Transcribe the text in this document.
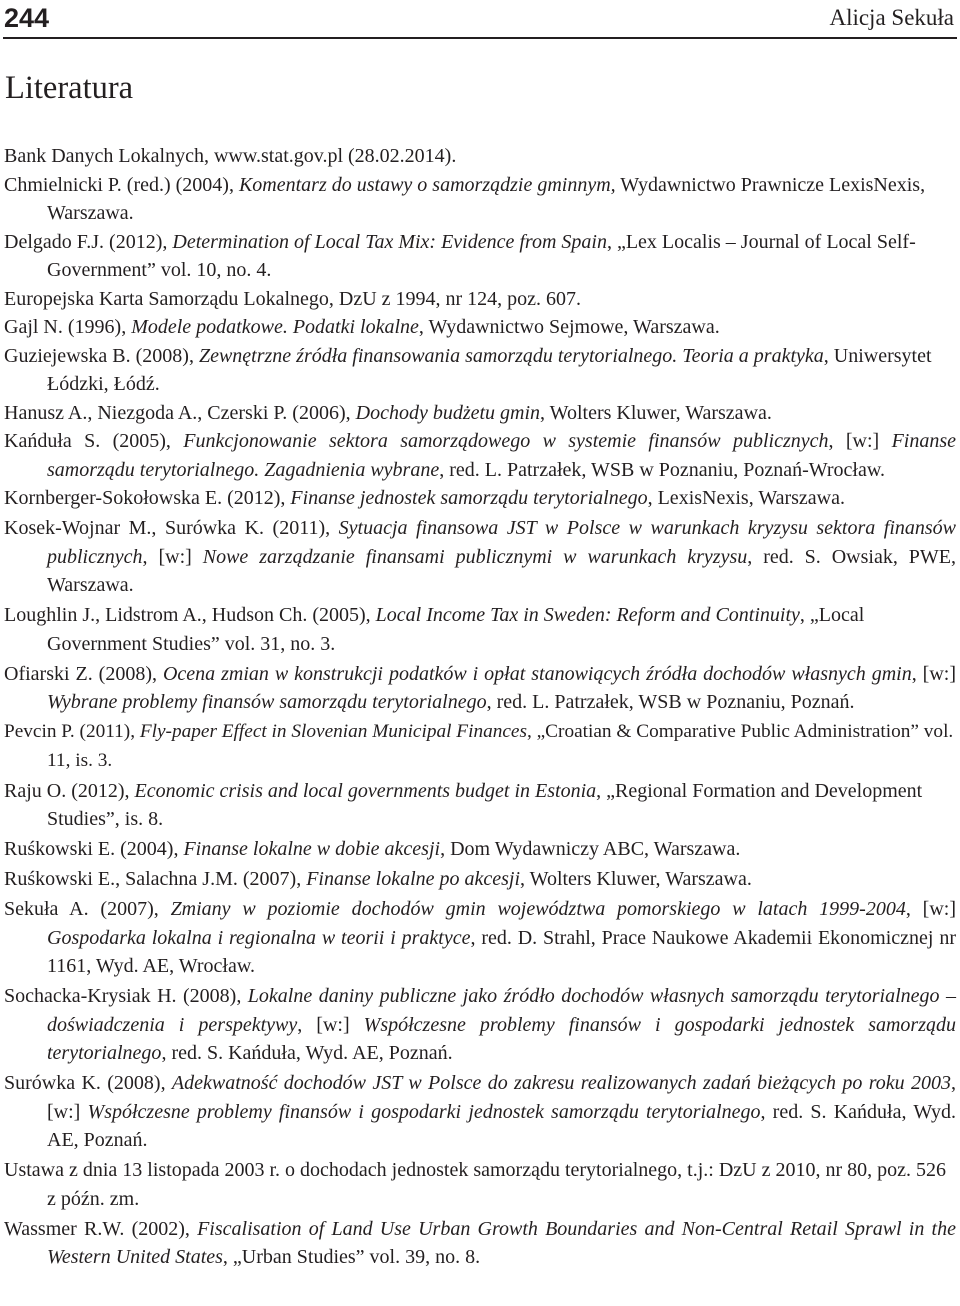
244	Alicja Sekuła
Literatura
Bank Danych Lokalnych, www.stat.gov.pl (28.02.2014).
Chmielnicki P. (red.) (2004), Komentarz do ustawy o samorządzie gminnym, Wydawnictwo Prawnicze LexisNexis, Warszawa.
Delgado F.J. (2012), Determination of Local Tax Mix: Evidence from Spain, „Lex Localis – Journal of Local Self-Government” vol. 10, no. 4.
Europejska Karta Samorządu Lokalnego, DzU z 1994, nr 124, poz. 607.
Gajl N. (1996), Modele podatkowe. Podatki lokalne, Wydawnictwo Sejmowe, Warszawa.
Guziejewska B. (2008), Zewnętrzne źródła finansowania samorządu terytorialnego. Teoria a praktyka, Uniwersytet Łódzki, Łódź.
Hanusz A., Niezgoda A., Czerski P. (2006), Dochody budżetu gmin, Wolters Kluwer, Warszawa.
Kańduła S. (2005), Funkcjonowanie sektora samorządowego w systemie finansów publicznych, [w:] Finanse samorządu terytorialnego. Zagadnienia wybrane, red. L. Patrzałek, WSB w Poznaniu, Poznań-Wrocław.
Kornberger-Sokołowska E. (2012), Finanse jednostek samorządu terytorialnego, LexisNexis, Warszawa.
Kosek-Wojnar M., Surówka K. (2011), Sytuacja finansowa JST w Polsce w warunkach kryzysu sektora finansów publicznych, [w:] Nowe zarządzanie finansami publicznymi w warunkach kryzysu, red. S. Owsiak, PWE, Warszawa.
Loughlin J., Lidstrom A., Hudson Ch. (2005), Local Income Tax in Sweden: Reform and Continuity, „Local Government Studies” vol. 31, no. 3.
Ofiarski Z. (2008), Ocena zmian w konstrukcji podatków i opłat stanowiących źródła dochodów własnych gmin, [w:] Wybrane problemy finansów samorządu terytorialnego, red. L. Patrzałek, WSB w Poznaniu, Poznań.
Pevcin P. (2011), Fly-paper Effect in Slovenian Municipal Finances, „Croatian & Comparative Public Administration” vol. 11, is. 3.
Raju O. (2012), Economic crisis and local governments budget in Estonia, „Regional Formation and Development Studies”, is. 8.
Ruśkowski E. (2004), Finanse lokalne w dobie akcesji, Dom Wydawniczy ABC, Warszawa.
Ruśkowski E., Salachna J.M. (2007), Finanse lokalne po akcesji, Wolters Kluwer, Warszawa.
Sekuła A. (2007), Zmiany w poziomie dochodów gmin województwa pomorskiego w latach 1999-2004, [w:] Gospodarka lokalna i regionalna w teorii i praktyce, red. D. Strahl, Prace Naukowe Akademii Ekonomicznej nr 1161, Wyd. AE, Wrocław.
Sochacka-Krysiak H. (2008), Lokalne daniny publiczne jako źródło dochodów własnych samorządu terytorialnego – doświadczenia i perspektywy, [w:] Współczesne problemy finansów i gospodarki jednostek samorządu terytorialnego, red. S. Kańduła, Wyd. AE, Poznań.
Surówka K. (2008), Adekwatność dochodów JST w Polsce do zakresu realizowanych zadań bieżących po roku 2003, [w:] Współczesne problemy finansów i gospodarki jednostek samorządu terytorialnego, red. S. Kańduła, Wyd. AE, Poznań.
Ustawa z dnia 13 listopada 2003 r. o dochodach jednostek samorządu terytorialnego, t.j.: DzU z 2010, nr 80, poz. 526 z późn. zm.
Wassmer R.W. (2002), Fiscalisation of Land Use Urban Growth Boundaries and Non-Central Retail Sprawl in the Western United States, „Urban Studies” vol. 39, no. 8.
